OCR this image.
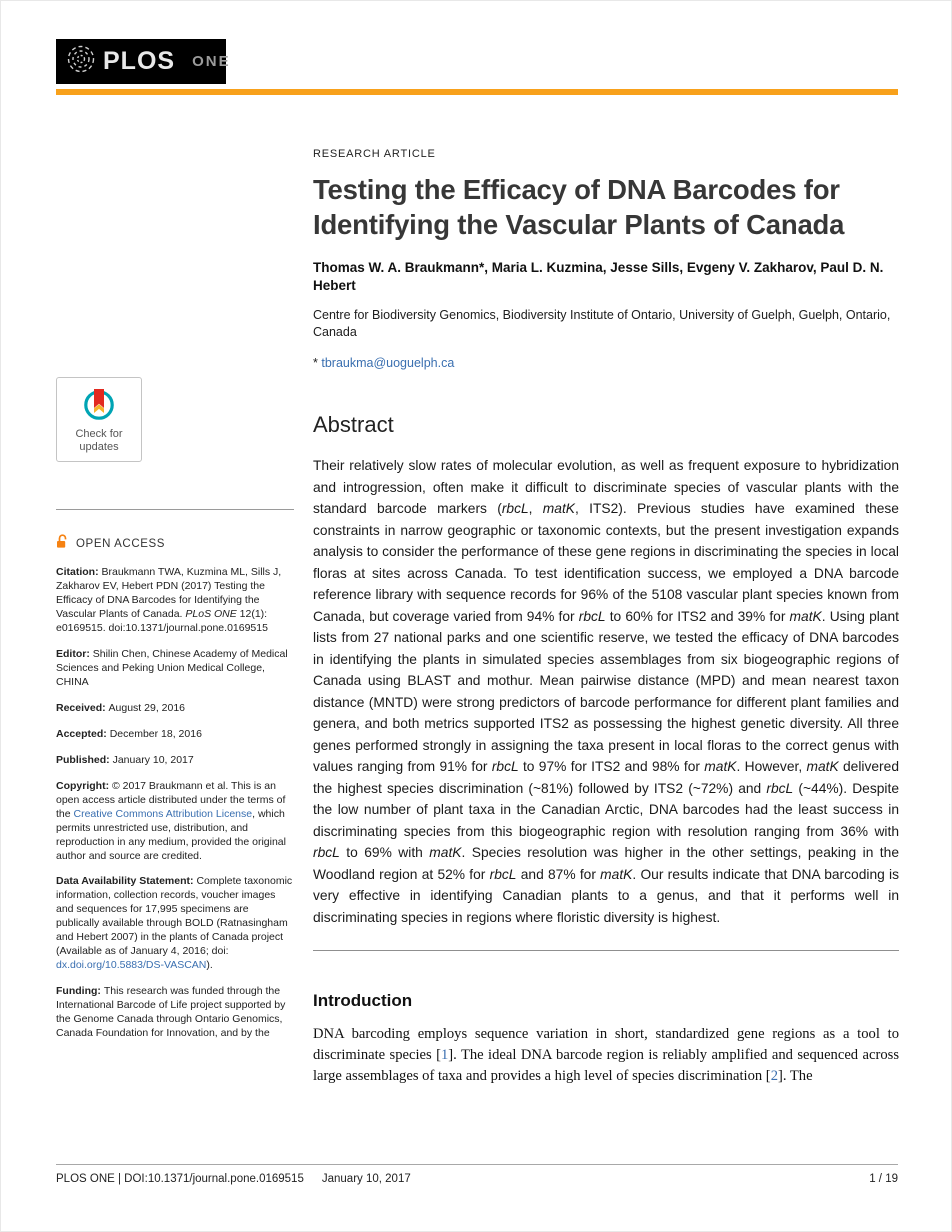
PLOS ONE
Check for
updates
OPEN ACCESS

Citation: Braukmann TWA, Kuzmina ML, Sills J, Zakharov EV, Hebert PDN (2017) Testing the Efficacy of DNA Barcodes for Identifying the Vascular Plants of Canada. PLoS ONE 12(1): e0169515. doi:10.1371/journal.pone.0169515

Editor: Shilin Chen, Chinese Academy of Medical Sciences and Peking Union Medical College, CHINA

Received: August 29, 2016

Accepted: December 18, 2016

Published: January 10, 2017

Copyright: © 2017 Braukmann et al. This is an open access article distributed under the terms of the Creative Commons Attribution License, which permits unrestricted use, distribution, and reproduction in any medium, provided the original author and source are credited.

Data Availability Statement: Complete taxonomic information, collection records, voucher images and sequences for 17,995 specimens are publically available through BOLD (Ratnasingham and Hebert 2007) in the plants of Canada project (Available as of January 4, 2016; doi: dx.doi.org/10.5883/DS-VASCAN).

Funding: This research was funded through the International Barcode of Life project supported by the Genome Canada through Ontario Genomics, Canada Foundation for Innovation, and by the

RESEARCH ARTICLE
Testing the Efficacy of DNA Barcodes for Identifying the Vascular Plants of Canada

Thomas W. A. Braukmann*, Maria L. Kuzmina, Jesse Sills, Evgeny V. Zakharov, Paul D. N. Hebert

Centre for Biodiversity Genomics, Biodiversity Institute of Ontario, University of Guelph, Guelph, Ontario, Canada

* tbraukma@uoguelph.ca

Abstract

Their relatively slow rates of molecular evolution, as well as frequent exposure to hybridization and introgression, often make it difficult to discriminate species of vascular plants with the standard barcode markers (rbcL, matK, ITS2). Previous studies have examined these constraints in narrow geographic or taxonomic contexts, but the present investigation expands analysis to consider the performance of these gene regions in discriminating the species in local floras at sites across Canada. To test identification success, we employed a DNA barcode reference library with sequence records for 96% of the 5108 vascular plant species known from Canada, but coverage varied from 94% for rbcL to 60% for ITS2 and 39% for matK. Using plant lists from 27 national parks and one scientific reserve, we tested the efficacy of DNA barcodes in identifying the plants in simulated species assemblages from six biogeographic regions of Canada using BLAST and mothur. Mean pairwise distance (MPD) and mean nearest taxon distance (MNTD) were strong predictors of barcode performance for different plant families and genera, and both metrics supported ITS2 as possessing the highest genetic diversity. All three genes performed strongly in assigning the taxa present in local floras to the correct genus with values ranging from 91% for rbcL to 97% for ITS2 and 98% for matK. However, matK delivered the highest species discrimination (~81%) followed by ITS2 (~72%) and rbcL (~44%). Despite the low number of plant taxa in the Canadian Arctic, DNA barcodes had the least success in discriminating species from this biogeographic region with resolution ranging from 36% with rbcL to 69% with matK. Species resolution was higher in the other settings, peaking in the Woodland region at 52% for rbcL and 87% for matK. Our results indicate that DNA barcoding is very effective in identifying Canadian plants to a genus, and that it performs well in discriminating species in regions where floristic diversity is highest.

Introduction

DNA barcoding employs sequence variation in short, standardized gene regions as a tool to discriminate species [1]. The ideal DNA barcode region is reliably amplified and sequenced across large assemblages of taxa and provides a high level of species discrimination [2]. The

PLOS ONE | DOI:10.1371/journal.pone.0169515 January 10, 2017	1 / 19
